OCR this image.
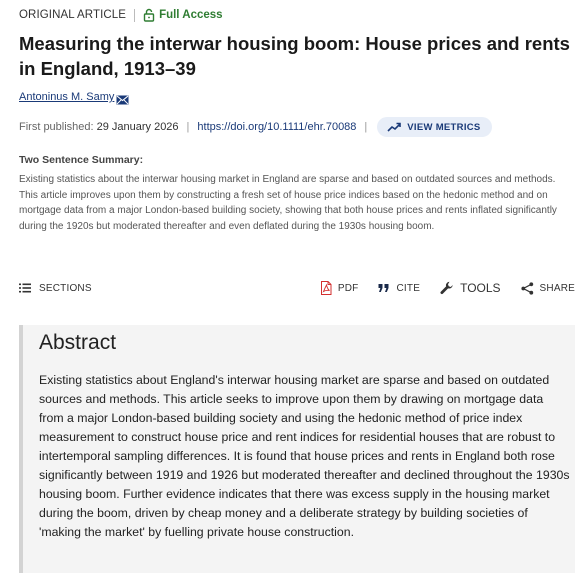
ORIGINAL ARTICLE	Full Access
Measuring the interwar housing boom: House prices and rents in England, 1913–39
Antoninus M. Samy
First published: 29 January 2026 | https://doi.org/10.1111/ehr.70088 |	VIEW METRICS
Two Sentence Summary:

Existing statistics about the interwar housing market in England are sparse and based on outdated sources and methods. This article improves upon them by constructing a fresh set of house price indices based on the hedonic method and on mortgage data from a major London-based building society, showing that both house prices and rents inflated significantly during the 1920s but moderated thereafter and even deflated during the 1930s housing boom.

SECTIONS	PDF	CITE	TOOLS	SHARE
Abstract

Existing statistics about England's interwar housing market are sparse and based on outdated sources and methods. This article seeks to improve upon them by drawing on mortgage data from a major London-based building society and using the hedonic method of price index measurement to construct house price and rent indices for residential houses that are robust to intertemporal sampling differences. It is found that house prices and rents in England both rose significantly between 1919 and 1926 but moderated thereafter and declined throughout the 1930s housing boom. Further evidence indicates that there was excess supply in the housing market during the boom, driven by cheap money and a deliberate strategy by building societies of 'making the market' by fuelling private house construction.
